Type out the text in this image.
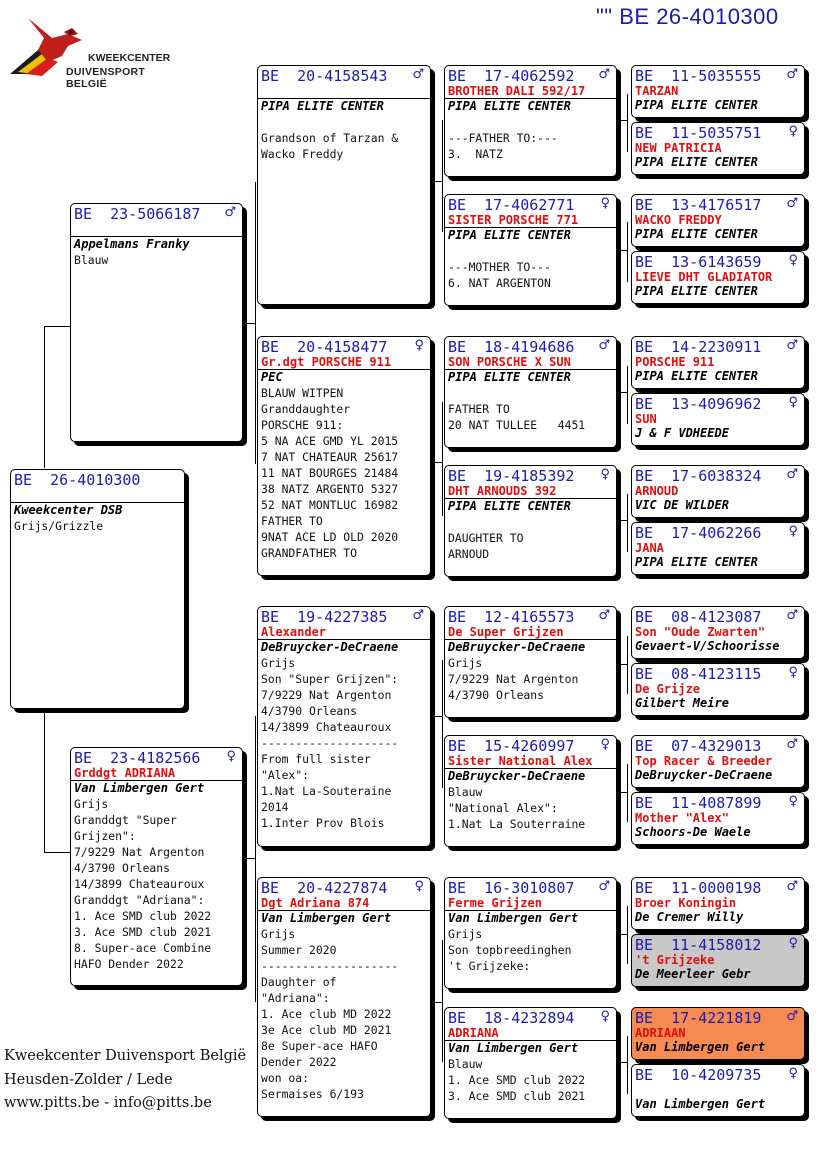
"" BE 26-4010300
KWEEKCENTER
DUIVENSPORT BELGIË
BE  26-4010300
Kweekcenter DSB
Grijs/Grizzle
BE  23-5066187	♂
Appelmans Franky
Blauw
BE  23-4182566	♀
Grddgt ADRIANA
Van Limbergen Gert
Grijs
Granddgt "Super
Grijzen":
7/9229 Nat Argenton
4/3790 Orleans
14/3899 Chateauroux
Granddgt "Adriana":
1. Ace SMD club 2022
3. Ace SMD club 2021
8. Super-ace Combine
HAFO Dender 2022
BE  20-4158543	♂
PIPA ELITE CENTER

Grandson of Tarzan &
Wacko Freddy
BE  20-4158477	♀
Gr.dgt PORSCHE 911
PEC
BLAUW WITPEN
Granddaughter
PORSCHE 911:
5 NA ACE GMD YL 2015
7 NAT CHATEAUR 25617
11 NAT BOURGES 21484
38 NATZ ARGENTO 5327
52 NAT MONTLUC 16982
FATHER TO
9NAT ACE LD OLD 2020
GRANDFATHER TO
BE  19-4227385	♂
Alexander
DeBruycker-DeCraene
Grijs
Son "Super Grijzen":
7/9229 Nat Argenton
4/3790 Orleans
14/3899 Chateauroux
--------------------
From full sister
"Alex":
1.Nat La-Souteraine
2014
1.Inter Prov Blois
BE  20-4227874	♀
Dgt Adriana 874
Van Limbergen Gert
Grijs
Summer 2020
--------------------
Daughter of
"Adriana":
1. Ace club MD 2022
3e Ace club MD 2021
8e Super-ace HAFO
Dender 2022
won oa:
Sermaises 6/193
BE  17-4062592	♂
BROTHER DALI 592/17
PIPA ELITE CENTER

---FATHER TO:---
3.  NATZ
BE  17-4062771	♀
SISTER PORSCHE 771
PIPA ELITE CENTER

---MOTHER TO---
6. NAT ARGENTON
BE  18-4194686	♂
SON PORSCHE X SUN
PIPA ELITE CENTER

FATHER TO
20 NAT TULLEE   4451
BE  19-4185392	♀
DHT ARNOUDS 392
PIPA ELITE CENTER

DAUGHTER TO
ARNOUD
BE  12-4165573	♂
De Super Grijzen
DeBruycker-DeCraene
Grijs
7/9229 Nat Argenton
4/3790 Orleans
BE  15-4260997	♀
Sister National Alex
DeBruycker-DeCraene
Blauw
"National Alex":
1.Nat La Souterraine
BE  16-3010807	♂
Ferme Grijzen
Van Limbergen Gert
Grijs
Son topbreedinghen
't Grijzeke:
BE  18-4232894	♀
ADRIANA
Van Limbergen Gert
Blauw
1. Ace SMD club 2022
3. Ace SMD club 2021
BE  11-5035555	♂
TARZAN
PIPA ELITE CENTER
BE  11-5035751	♀
NEW PATRICIA
PIPA ELITE CENTER
BE  13-4176517	♂
WACKO FREDDY
PIPA ELITE CENTER
BE  13-6143659	♀
LIEVE DHT GLADIATOR
PIPA ELITE CENTER
BE  14-2230911	♂
PORSCHE 911
PIPA ELITE CENTER
BE  13-4096962	♀
SUN
J & F VDHEEDE
BE  17-6038324	♂
ARNOUD
VIC DE WILDER
BE  17-4062266	♀
JANA
PIPA ELITE CENTER
BE  08-4123087	♂
Son "Oude Zwarten"
Gevaert-V/Schoorisse
BE  08-4123115	♀
De Grijze
Gilbert Meire
BE  07-4329013	♂
Top Racer & Breeder
DeBruycker-DeCraene
BE  11-4087899	♀
Mother "Alex"
Schoors-De Waele
BE  11-0000198	♂
Broer Koningin
De Cremer Willy
BE  11-4158012	♀
't Grijzeke
De Meerleer Gebr
BE  17-4221819	♂
ADRIAAN
Van Limbergen Gert
BE  10-4209735	♀
Van Limbergen Gert
Kweekcenter Duivensport België
Heusden-Zolder / Lede
www.pitts.be - info@pitts.be
